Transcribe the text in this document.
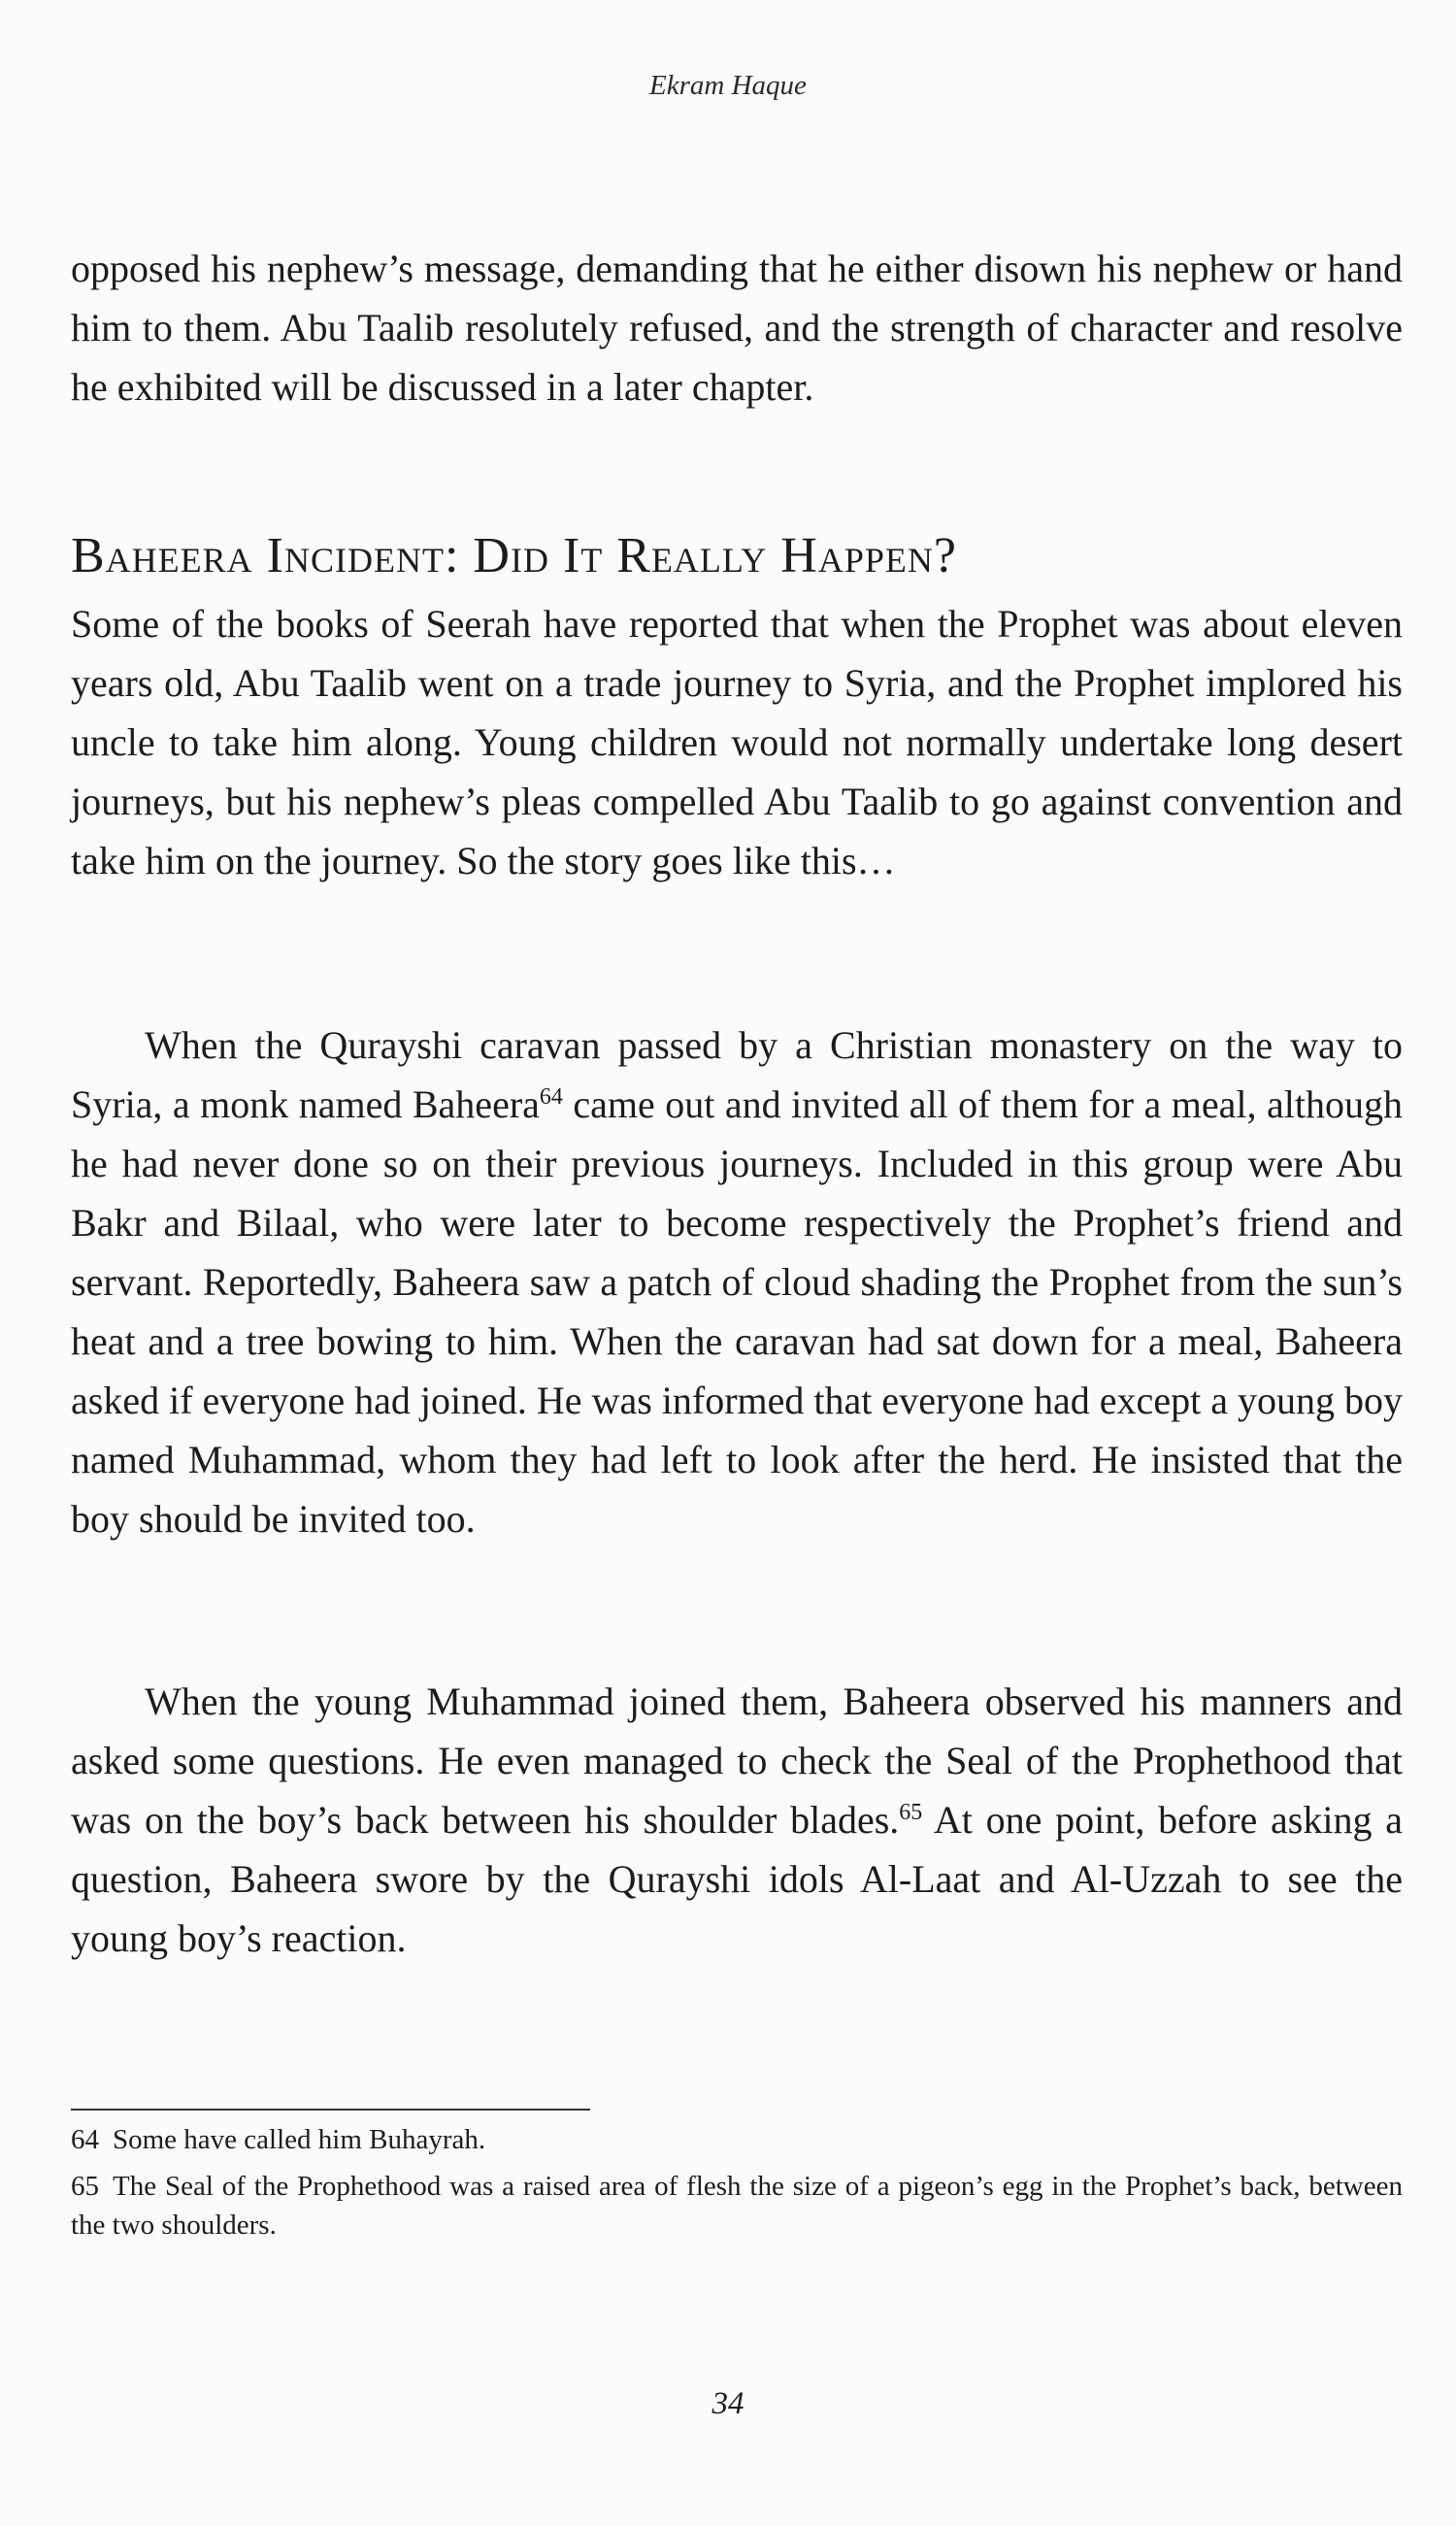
Ekram Haque

opposed his nephew’s message, demanding that he either disown his nephew or hand him to them. Abu Taalib resolutely refused, and the strength of character and resolve he exhibited will be discussed in a later chapter.

Baheera Incident: Did It Really Happen?

Some of the books of Seerah have reported that when the Prophet was about eleven years old, Abu Taalib went on a trade journey to Syria, and the Prophet implored his uncle to take him along. Young children would not normally undertake long desert journeys, but his nephew’s pleas compelled Abu Taalib to go against convention and take him on the journey. So the story goes like this…

When the Qurayshi caravan passed by a Christian monastery on the way to Syria, a monk named Baheera$^{64}$ came out and invited all of them for a meal, although he had never done so on their previous journeys. Included in this group were Abu Bakr and Bilaal, who were later to become respectively the Prophet’s friend and servant. Reportedly, Baheera saw a patch of cloud shading the Prophet from the sun’s heat and a tree bowing to him. When the caravan had sat down for a meal, Baheera asked if everyone had joined. He was informed that everyone had except a young boy named Muhammad, whom they had left to look after the herd. He insisted that the boy should be invited too.

When the young Muhammad joined them, Baheera observed his manners and asked some questions. He even managed to check the Seal of the Prophethood that was on the boy’s back between his shoulder blades.$^{65}$ At one point, before asking a question, Baheera swore by the Qurayshi idols Al-Laat and Al-Uzzah to see the young boy’s reaction.

64 Some have called him Buhayrah.

65 The Seal of the Prophethood was a raised area of flesh the size of a pigeon’s egg in the Prophet’s back, between the two shoulders.

34
